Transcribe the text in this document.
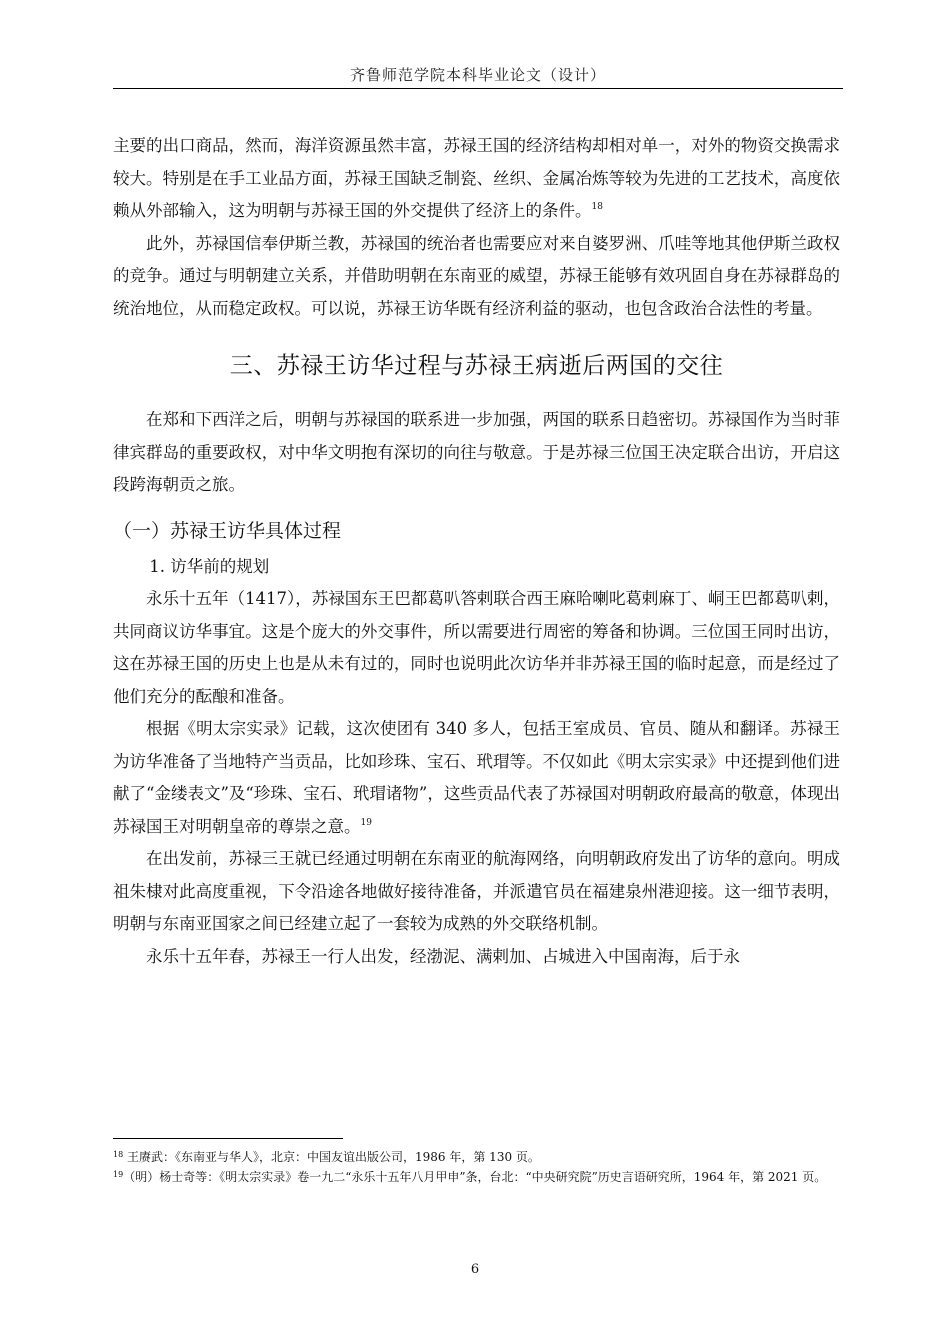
齐鲁师范学院本科毕业论文（设计）

主要的出口商品，然而，海洋资源虽然丰富，苏禄王国的经济结构却相对单一，对外的物资交换需求较大。特别是在手工业品方面，苏禄王国缺乏制瓷、丝织、金属冶炼等较为先进的工艺技术，高度依赖从外部输入，这为明朝与苏禄王国的外交提供了经济上的条件。$^{18}$

此外，苏禄国信奉伊斯兰教，苏禄国的统治者也需要应对来自婆罗洲、爪哇等地其他伊斯兰政权的竞争。通过与明朝建立关系，并借助明朝在东南亚的威望，苏禄王能够有效巩固自身在苏禄群岛的统治地位，从而稳定政权。可以说，苏禄王访华既有经济利益的驱动，也包含政治合法性的考量。

三、苏禄王访华过程与苏禄王病逝后两国的交往

在郑和下西洋之后，明朝与苏禄国的联系进一步加强，两国的联系日趋密切。苏禄国作为当时菲律宾群岛的重要政权，对中华文明抱有深切的向往与敬意。于是苏禄三位国王决定联合出访，开启这段跨海朝贡之旅。

（一）苏禄王访华具体过程

1. 访华前的规划

永乐十五年（1417），苏禄国东王巴都葛叭答剌联合西王麻哈喇叱葛剌麻丁、峒王巴都葛叭剌，共同商议访华事宜。这是个庞大的外交事件，所以需要进行周密的筹备和协调。三位国王同时出访，这在苏禄王国的历史上也是从未有过的，同时也说明此次访华并非苏禄王国的临时起意，而是经过了他们充分的酝酿和准备。

根据《明太宗实录》记载，这次使团有 340 多人，包括王室成员、官员、随从和翻译。苏禄王为访华准备了当地特产当贡品，比如珍珠、宝石、玳瑁等。不仅如此《明太宗实录》中还提到他们进献了“金缕表文”及“珍珠、宝石、玳瑁诸物”，这些贡品代表了苏禄国对明朝政府最高的敬意，体现出苏禄国王对明朝皇帝的尊崇之意。$^{19}$

在出发前，苏禄三王就已经通过明朝在东南亚的航海网络，向明朝政府发出了访华的意向。明成祖朱棣对此高度重视，下令沿途各地做好接待准备，并派遣官员在福建泉州港迎接。这一细节表明，明朝与东南亚国家之间已经建立起了一套较为成熟的外交联络机制。

永乐十五年春，苏禄王一行人出发，经渤泥、满剌加、占城进入中国南海，后于永

$^{18}$ 王赓武：《东南亚与华人》，北京：中国友谊出版公司，1986 年，第 130 页。

$^{19}$（明）杨士奇等：《明太宗实录》卷一九二“永乐十五年八月甲申”条，台北：“中央研究院”历史言语研究所，1964 年，第 2021 页。

6
